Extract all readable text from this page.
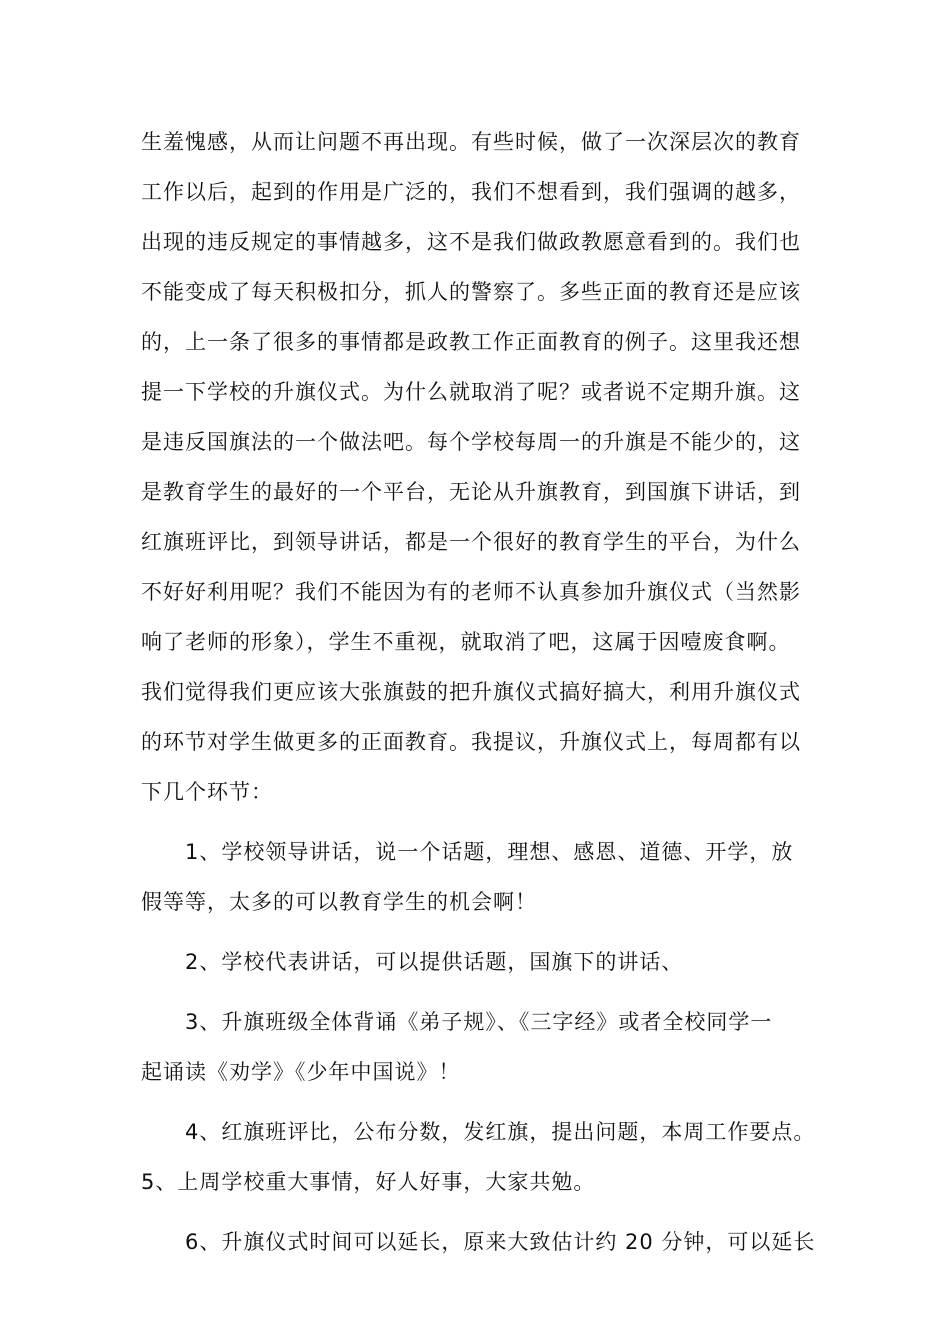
生羞愧感，从而让问题不再出现。有些时候，做了一次深层次的教育
工作以后，起到的作用是广泛的，我们不想看到，我们强调的越多，
出现的违反规定的事情越多，这不是我们做政教愿意看到的。我们也
不能变成了每天积极扣分，抓人的警察了。多些正面的教育还是应该
的，上一条了很多的事情都是政教工作正面教育的例子。这里我还想
提一下学校的升旗仪式。为什么就取消了呢？或者说不定期升旗。这
是违反国旗法的一个做法吧。每个学校每周一的升旗是不能少的，这
是教育学生的最好的一个平台，无论从升旗教育，到国旗下讲话，到
红旗班评比，到领导讲话，都是一个很好的教育学生的平台，为什么
不好好利用呢？我们不能因为有的老师不认真参加升旗仪式（当然影
响了老师的形象），学生不重视，就取消了吧，这属于因噎废食啊。
我们觉得我们更应该大张旗鼓的把升旗仪式搞好搞大，利用升旗仪式
的环节对学生做更多的正面教育。我提议，升旗仪式上，每周都有以
下几个环节：
1、学校领导讲话，说一个话题，理想、感恩、道德、开学，放
假等等，太多的可以教育学生的机会啊！
2、学校代表讲话，可以提供话题，国旗下的讲话、
3、升旗班级全体背诵《弟子规》、《三字经》或者全校同学一
起诵读《劝学》《少年中国说》！
4、红旗班评比，公布分数，发红旗，提出问题，本周工作要点。
5、上周学校重大事情，好人好事，大家共勉。
6、升旗仪式时间可以延长，原来大致估计约 20 分钟，可以延长
